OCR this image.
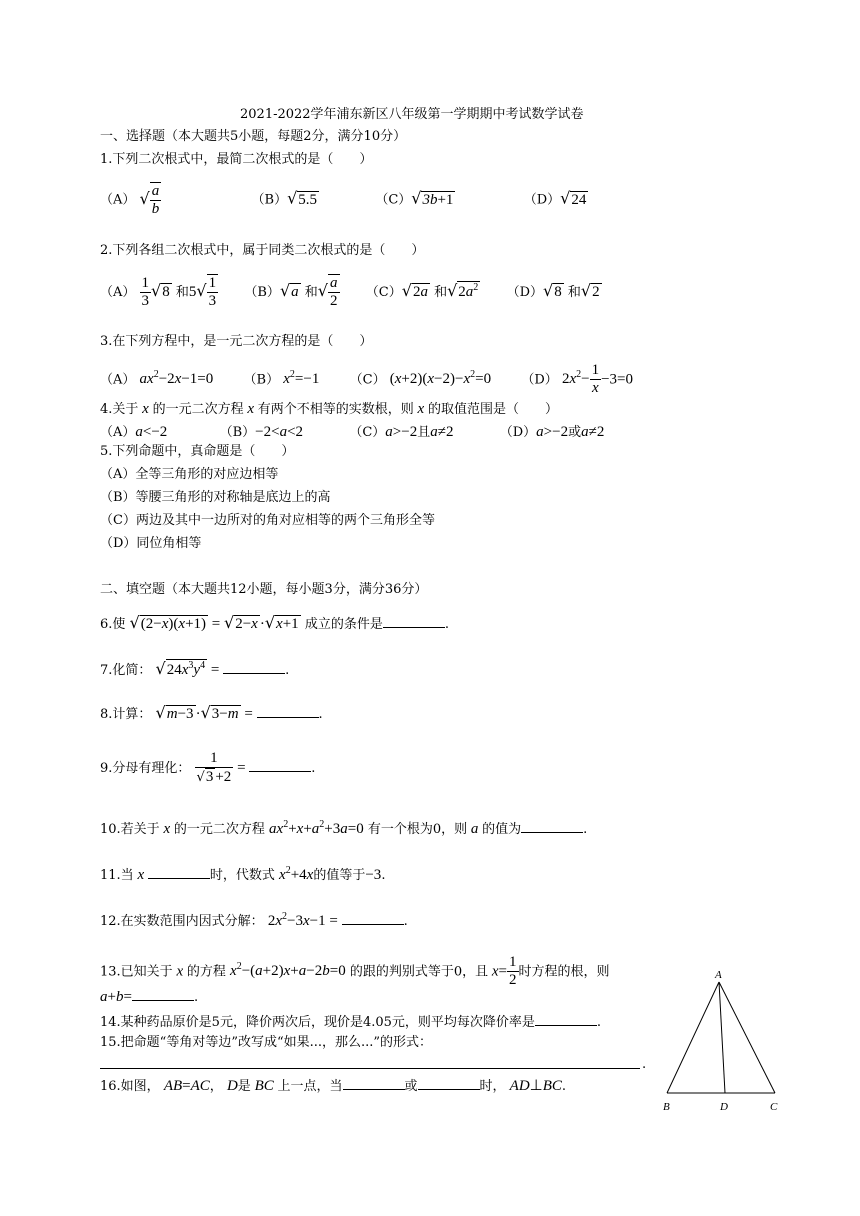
2021-2022学年浦东新区八年级第一学期期中考试数学试卷
一、选择题（本大题共5小题，每题2分，满分10分）
1.下列二次根式中，最简二次根式的是（　　）
（A） √ $\frac{a}{b}$	（B）√5.5	（C）√3b+1	（D）√24
2.下列各组二次根式中，属于同类二次根式的是（　　）
$(A) \frac{1}{3} √8$ 和$5√ \frac{1}{3} (B)√a$ 和√ $\frac{a}{2} (C)√2a$ 和$√2a^2$ （D）√8 和√2
3.在下列方程中，是一元二次方程的是（　　）
（A） $ax^2-2x-1=0$ （B） $x^2=-1$ （C） $(x+2)(x-2)-x^2=0$ （D） $2x^2- \frac{1}{x} -3=0$
4.关于 x 的一元二次方程 x 有两个不相等的实数根，则 x 的取值范围是（　　）
（A）a<−2	（B）−2<a<2	（C）a>−2且a≠2	（D）a>−2或a≠2
5.下列命题中，真命题是（　　）
（A）全等三角形的对应边相等
（B）等腰三角形的对称轴是底边上的高
（C）两边及其中一边所对的角对应相等的两个三角形全等
（D）同位角相等
二、填空题（本大题共12小题，每小题3分，满分36分）
6.使 √(2−x)(x+1) = √2−x ·√x+1 成立的条件是	.
7.化简： $√24x^3y^4$ =	.
8.计算： √m−3 ·√3−m =	.
9.分母有理化： $\frac{1}{√3 +2}$ =	.
10.若关于 x 的一元二次方程 $ax^2+x+a^2+3a=0$ 有一个根为0，则 a 的值为	.
11.当 x	时，代数式 $x^2+4x$的值等于−3.
12.在实数范围内因式分解： $2x^2-3x-1$ =	.
13.已知关于 x 的方程 $x^2-(a+2)x+a-2b=0$ 的跟的判别式等于0，且 $x= \frac{1}{2}$ 时方程的根，则
a+b=	.
14.某种药品原价是5元，降价两次后，现价是4.05元，则平均每次降价率是	.
15.把命题“等角对等边”改写成“如果...，那么...”的形式：
.
16.如图， AB=AC， D是 BC 上一点，当	或	时， AD⊥BC.
A
B	D	C
